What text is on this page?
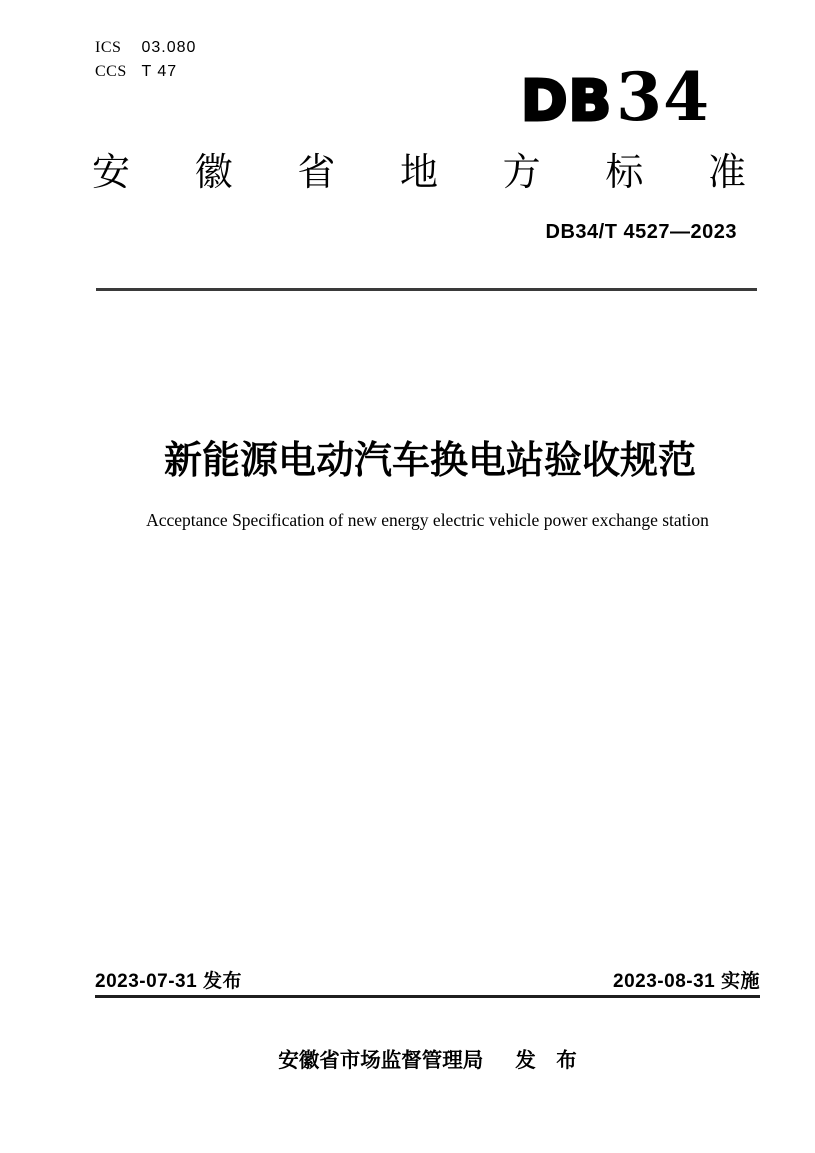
ICS 03.080
CCS T 47	DB34
安徽省地方标准
DB34/T 4527—2023
新能源电动汽车换电站验收规范
Acceptance Specification of new energy electric vehicle power exchange station
2023-07-31 发布	2023-08-31 实施
安徽省市场监督管理局 发　布
